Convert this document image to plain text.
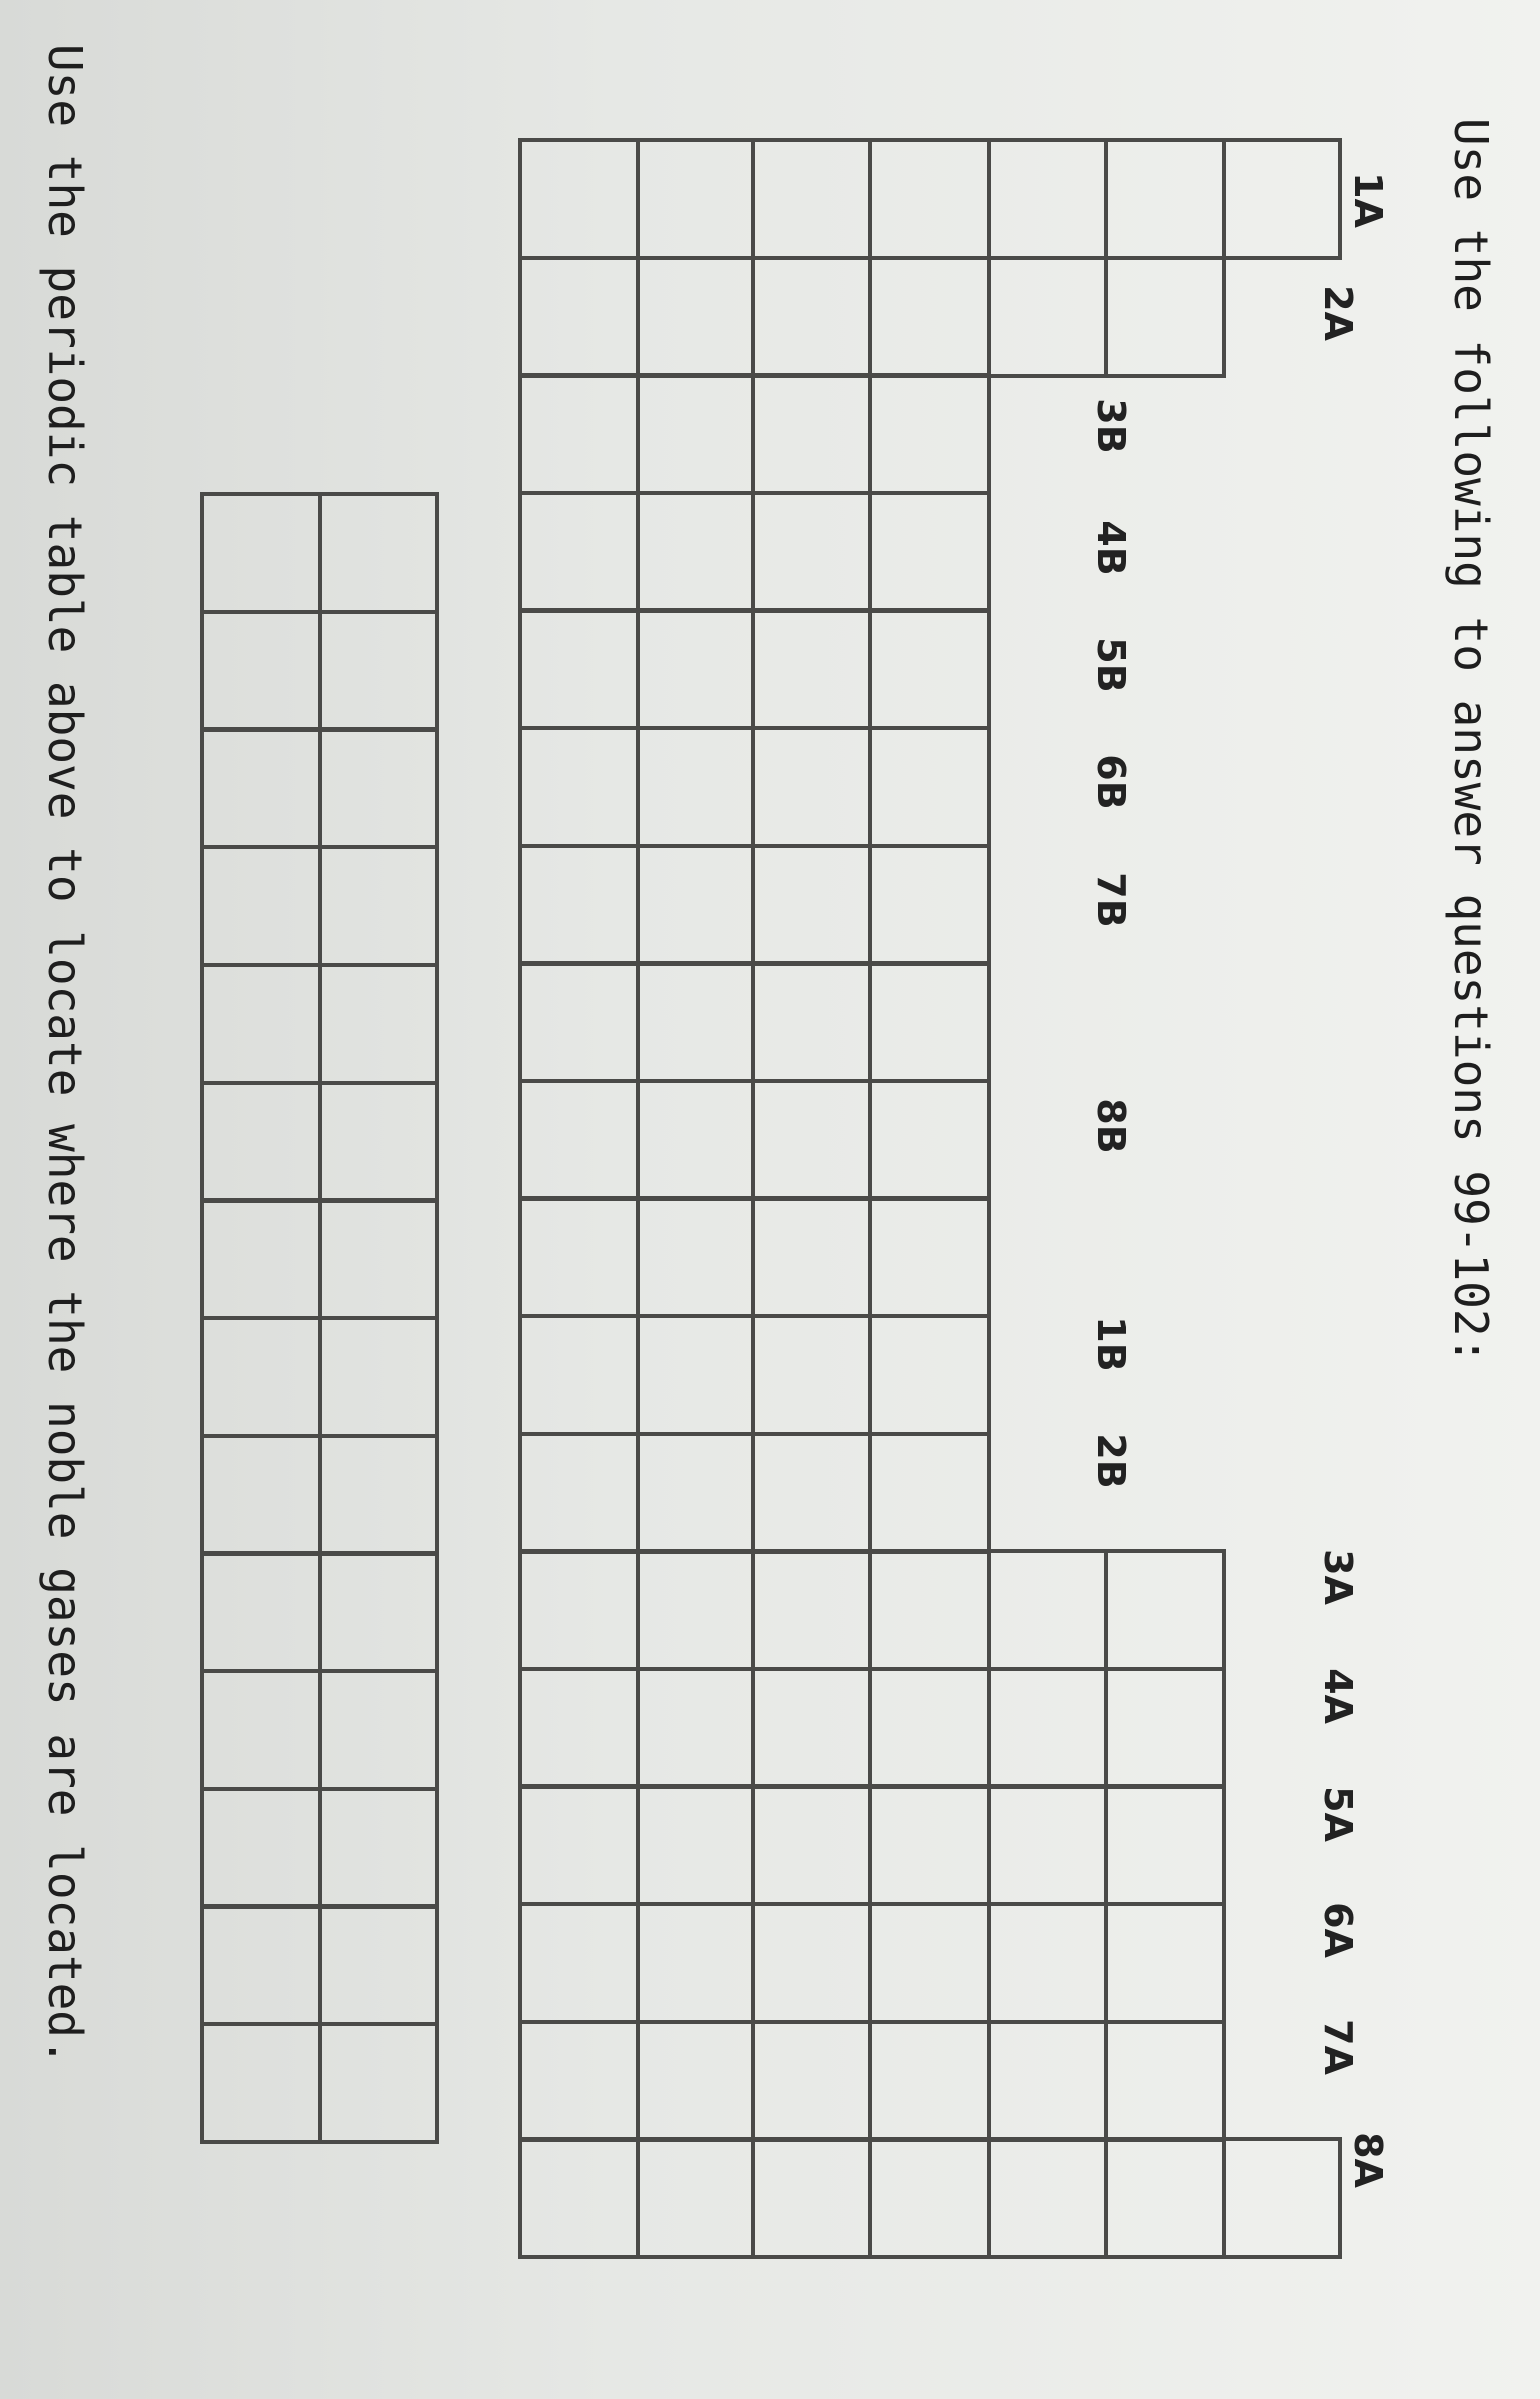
Use the following to answer questions 99-102:
1A
2A
3A
4A
5A
6A
7A
8A
3B
4B
5B
6B
7B
8B
1B
2B
Use the periodic table above to locate where the noble gases are located.
